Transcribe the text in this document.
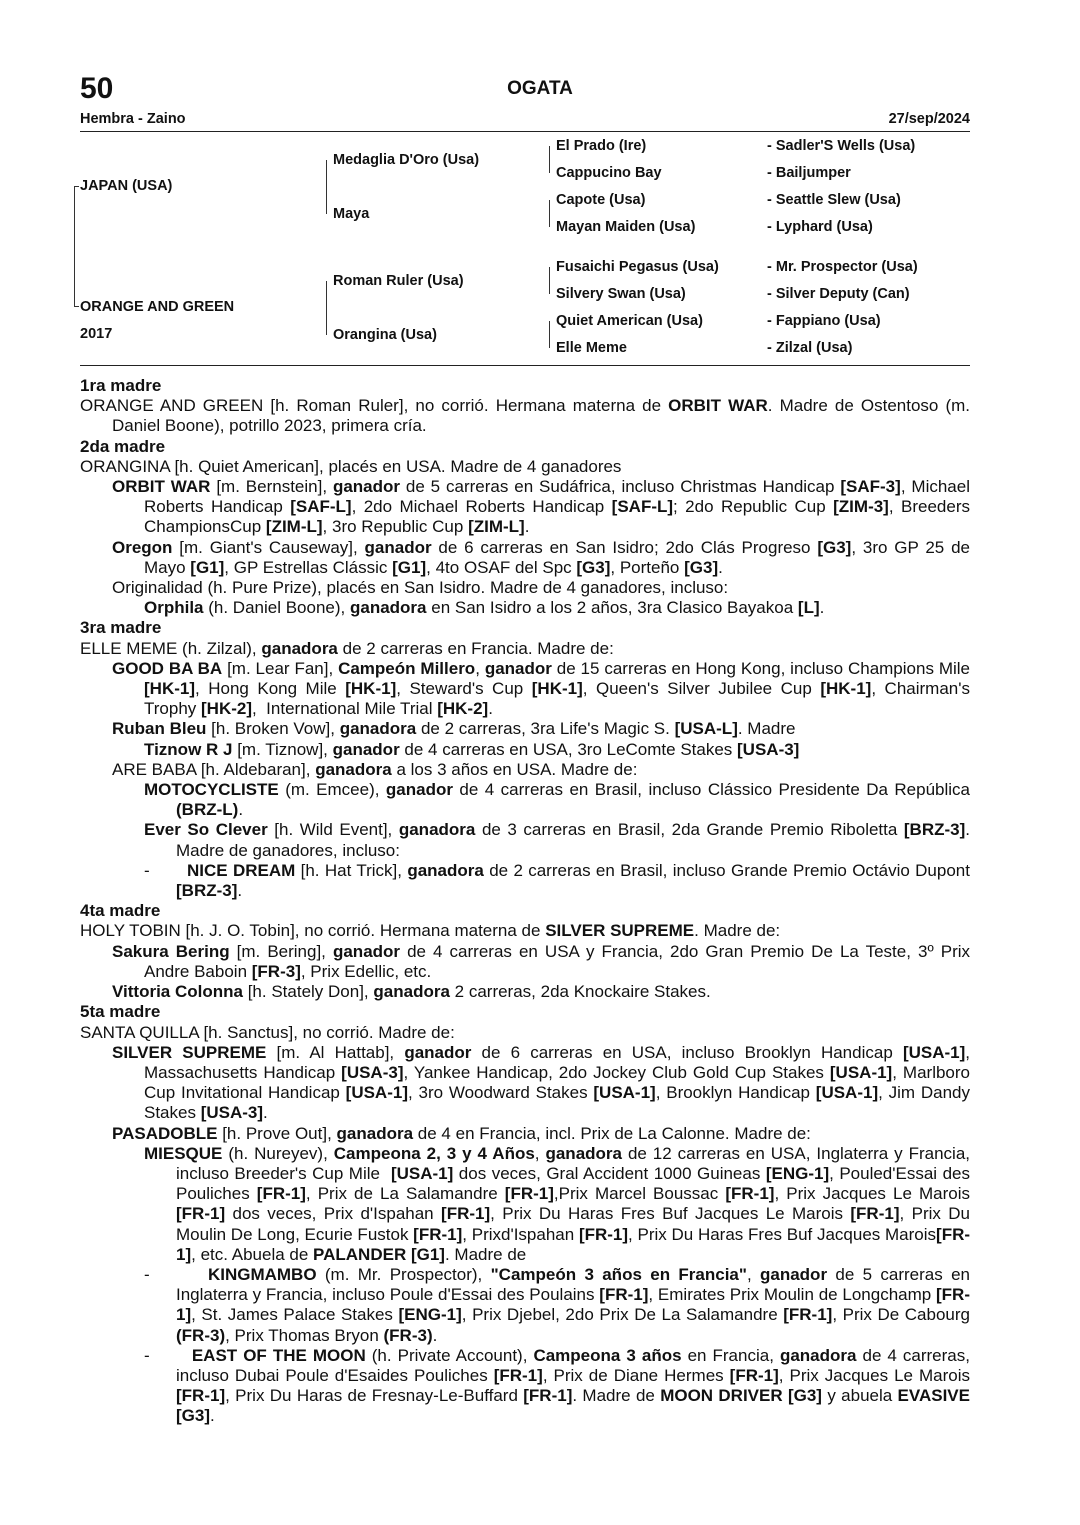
50	OGATA
Hembra - Zaino	27/sep/2024
JAPAN (USA)
ORANGE AND GREEN
2017
Medaglia D'Oro (Usa)
Maya
Roman Ruler (Usa)
Orangina (Usa)
El Prado (Ire)
Cappucino Bay
Capote (Usa)
Mayan Maiden (Usa)
Fusaichi Pegasus (Usa)
Silvery Swan (Usa)
Quiet American (Usa)
Elle Meme
- Sadler'S Wells (Usa)
- Bailjumper
- Seattle Slew (Usa)
- Lyphard (Usa)
- Mr. Prospector (Usa)
- Silver Deputy (Can)
- Fappiano (Usa)
- Zilzal (Usa)

1ra madre

ORANGE AND GREEN [h. Roman Ruler], no corrió. Hermana materna de ORBIT WAR. Madre de Ostentoso (m. Daniel Boone), potrillo 2023, primera cría.

2da madre

ORANGINA [h. Quiet American], placés en USA. Madre de 4 ganadores

ORBIT WAR [m. Bernstein], ganador de 5 carreras en Sudáfrica, incluso Christmas Handicap [SAF-3], Michael Roberts Handicap [SAF-L], 2do Michael Roberts Handicap [SAF-L]; 2do Republic Cup [ZIM-3], Breeders ChampionsCup [ZIM-L], 3ro Republic Cup [ZIM-L].

Oregon [m. Giant's Causeway], ganador de 6 carreras en San Isidro; 2do Clás Progreso [G3], 3ro GP 25 de Mayo [G1], GP Estrellas Clássic [G1], 4to OSAF del Spc [G3], Porteño [G3].

Originalidad (h. Pure Prize), placés en San Isidro. Madre de 4 ganadores, incluso:

Orphila (h. Daniel Boone), ganadora en San Isidro a los 2 años, 3ra Clasico Bayakoa [L].

3ra madre

ELLE MEME (h. Zilzal), ganadora de 2 carreras en Francia. Madre de:

GOOD BA BA [m. Lear Fan], Campeón Millero, ganador de 15 carreras en Hong Kong, incluso Champions Mile [HK-1], Hong Kong Mile [HK-1], Steward's Cup [HK-1], Queen's Silver Jubilee Cup [HK-1], Chairman's Trophy [HK-2],  International Mile Trial [HK-2].

Ruban Bleu [h. Broken Vow], ganadora de 2 carreras, 3ra Life's Magic S. [USA-L]. Madre

Tiznow R J [m. Tiznow], ganador de 4 carreras en USA, 3ro LeComte Stakes [USA-3]

ARE BABA [h. Aldebaran], ganadora a los 3 años en USA. Madre de:

MOTOCYCLISTE (m. Emcee), ganador de 4 carreras en Brasil, incluso Clássico Presidente Da República (BRZ-L).

Ever So Clever [h. Wild Event], ganadora de 3 carreras en Brasil, 2da Grande Premio Riboletta [BRZ-3]. Madre de ganadores, incluso:

-       NICE DREAM [h. Hat Trick], ganadora de 2 carreras en Brasil, incluso Grande Premio Octávio Dupont [BRZ-3].

4ta madre

HOLY TOBIN [h. J. O. Tobin], no corrió. Hermana materna de SILVER SUPREME. Madre de:

Sakura Bering [m. Bering], ganador de 4 carreras en USA y Francia, 2do Gran Premio De La Teste, 3º Prix Andre Baboin [FR-3], Prix Edellic, etc.

Vittoria Colonna [h. Stately Don], ganadora 2 carreras, 2da Knockaire Stakes.

5ta madre

SANTA QUILLA [h. Sanctus], no corrió. Madre de:

SILVER SUPREME [m. Al Hattab], ganador de 6 carreras en USA, incluso Brooklyn Handicap [USA-1], Massachusetts Handicap [USA-3], Yankee Handicap, 2do Jockey Club Gold Cup Stakes [USA-1], Marlboro Cup Invitational Handicap [USA-1], 3ro Woodward Stakes [USA-1], Brooklyn Handicap [USA-1], Jim Dandy Stakes [USA-3].

PASADOBLE [h. Prove Out], ganadora de 4 en Francia, incl. Prix de La Calonne. Madre de:

MIESQUE (h. Nureyev), Campeona 2, 3 y 4 Años, ganadora de 12 carreras en USA, Inglaterra y Francia, incluso Breeder's Cup Mile  [USA-1] dos veces, Gral Accident 1000 Guineas [ENG-1], Pouled'Essai des Pouliches [FR-1], Prix de La Salamandre [FR-1],Prix Marcel Boussac [FR-1], Prix Jacques Le Marois [FR-1] dos veces, Prix d'Ispahan [FR-1], Prix Du Haras Fres Buf Jacques Le Marois [FR-1], Prix Du Moulin De Long, Ecurie Fustok [FR-1], Prixd'Ispahan [FR-1], Prix Du Haras Fres Buf Jacques Marois[FR-1], etc. Abuela de PALANDER [G1]. Madre de

-       KINGMAMBO (m. Mr. Prospector), "Campeón 3 años en Francia", ganador de 5 carreras en Inglaterra y Francia, incluso Poule d'Essai des Poulains [FR-1], Emirates Prix Moulin de Longchamp [FR-1], St. James Palace Stakes [ENG-1], Prix Djebel, 2do Prix De La Salamandre [FR-1], Prix De Cabourg (FR-3), Prix Thomas Bryon (FR-3).

-       EAST OF THE MOON (h. Private Account), Campeona 3 años en Francia, ganadora de 4 carreras, incluso Dubai Poule d'Esaides Pouliches [FR-1], Prix de Diane Hermes [FR-1], Prix Jacques Le Marois [FR-1], Prix Du Haras de Fresnay-Le-Buffard [FR-1]. Madre de MOON DRIVER [G3] y abuela EVASIVE [G3].
